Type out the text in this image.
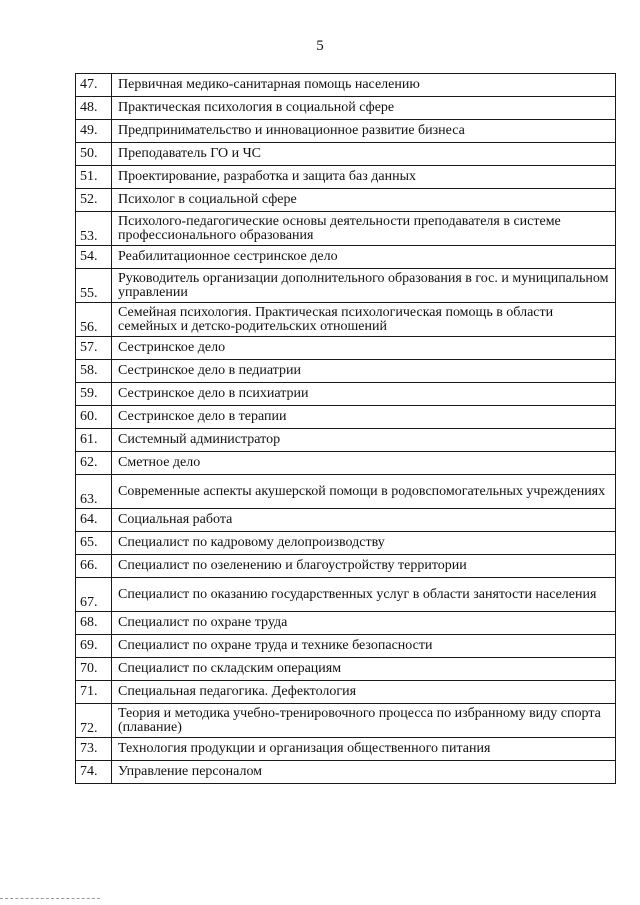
5
47.	Первичная медико-санитарная помощь населению
48.	Практическая психология в социальной сфере
49.	Предпринимательство и инновационное развитие бизнеса
50.	Преподаватель ГО и ЧС
51.	Проектирование, разработка и защита баз данных
52.	Психолог в социальной сфере
53.	Психолого-педагогические основы деятельности преподавателя в системе профессионального образования
54.	Реабилитационное сестринское дело
55.	Руководитель организации дополнительного образования в гос. и муниципальном управлении
56.	Семейная психология. Практическая психологическая помощь в области семейных и детско-родительских отношений
57.	Сестринское дело
58.	Сестринское дело в педиатрии
59.	Сестринское дело в психиатрии
60.	Сестринское дело в терапии
61.	Системный администратор
62.	Сметное дело
63.	Современные аспекты акушерской помощи в родовспомогательных учреждениях
64.	Социальная работа
65.	Специалист по кадровому делопроизводству
66.	Специалист по озеленению и благоустройству территории
67.	Специалист по оказанию государственных услуг в области занятости населения
68.	Специалист по охране труда
69.	Специалист по охране труда и технике безопасности
70.	Специалист по складским операциям
71.	Специальная педагогика. Дефектология
72.	Теория и методика учебно-тренировочного процесса по избранному виду спорта (плавание)
73.	Технология продукции и организация общественного питания
74.	Управление персоналом
